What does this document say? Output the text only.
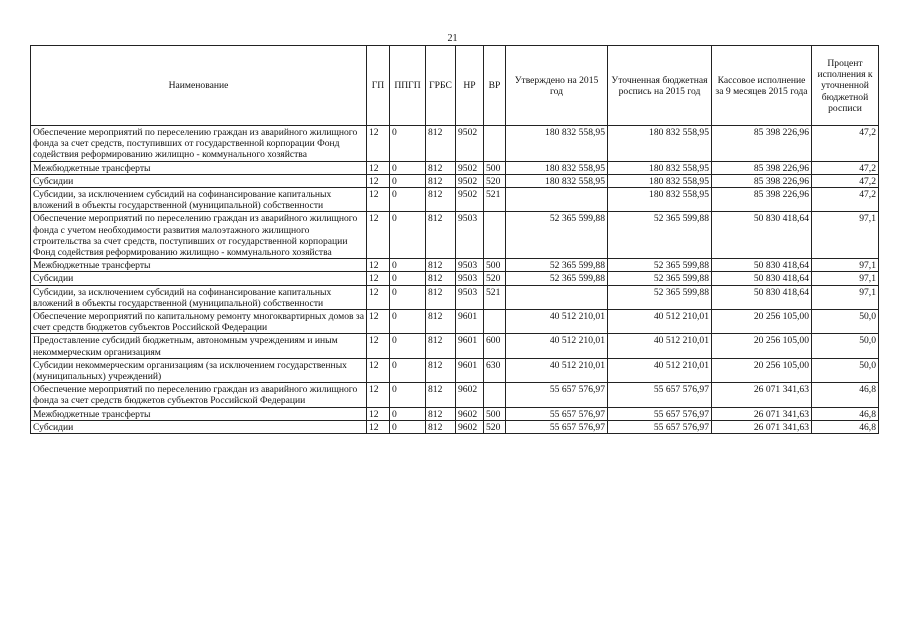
21
Наименование	ГП	ППГП	ГРБС	НР	ВР	Утверждено на 2015 год	Уточненная бюджетная роспись на 2015 год	Кассовое исполнение за 9 месяцев 2015 года	Процент исполнения к уточненной бюджетной росписи
Обеспечение мероприятий по переселению граждан из аварийного жилищного фонда за счет средств, поступивших от государственной корпорации Фонд содействия реформированию жилищно - коммунального хозяйства	12	0	812	9502		180 832 558,95	180 832 558,95	85 398 226,96	47,2
Межбюджетные трансферты	12	0	812	9502	500	180 832 558,95	180 832 558,95	85 398 226,96	47,2
Субсидии	12	0	812	9502	520	180 832 558,95	180 832 558,95	85 398 226,96	47,2
Субсидии, за исключением субсидий на софинансирование капитальных вложений в объекты государственной (муниципальной) собственности	12	0	812	9502	521		180 832 558,95	85 398 226,96	47,2
Обеспечение мероприятий по переселению граждан из аварийного жилищного фонда с учетом необходимости развития малоэтажного жилищного строительства за счет средств, поступивших от государственной корпорации Фонд содействия реформированию жилищно - коммунального хозяйства	12	0	812	9503		52 365 599,88	52 365 599,88	50 830 418,64	97,1
Межбюджетные трансферты	12	0	812	9503	500	52 365 599,88	52 365 599,88	50 830 418,64	97,1
Субсидии	12	0	812	9503	520	52 365 599,88	52 365 599,88	50 830 418,64	97,1
Субсидии, за исключением субсидий на софинансирование капитальных вложений в объекты государственной (муниципальной) собственности	12	0	812	9503	521		52 365 599,88	50 830 418,64	97,1
Обеспечение мероприятий по капитальному ремонту многоквартирных домов за счет средств бюджетов субъектов Российской Федерации	12	0	812	9601		40 512 210,01	40 512 210,01	20 256 105,00	50,0
Предоставление субсидий бюджетным, автономным учреждениям и иным некоммерческим организациям	12	0	812	9601	600	40 512 210,01	40 512 210,01	20 256 105,00	50,0
Субсидии некоммерческим организациям (за исключением государственных (муниципальных) учреждений)	12	0	812	9601	630	40 512 210,01	40 512 210,01	20 256 105,00	50,0
Обеспечение мероприятий по переселению граждан из аварийного жилищного фонда за счет средств бюджетов субъектов Российской Федерации	12	0	812	9602		55 657 576,97	55 657 576,97	26 071 341,63	46,8
Межбюджетные трансферты	12	0	812	9602	500	55 657 576,97	55 657 576,97	26 071 341,63	46,8
Субсидии	12	0	812	9602	520	55 657 576,97	55 657 576,97	26 071 341,63	46,8
